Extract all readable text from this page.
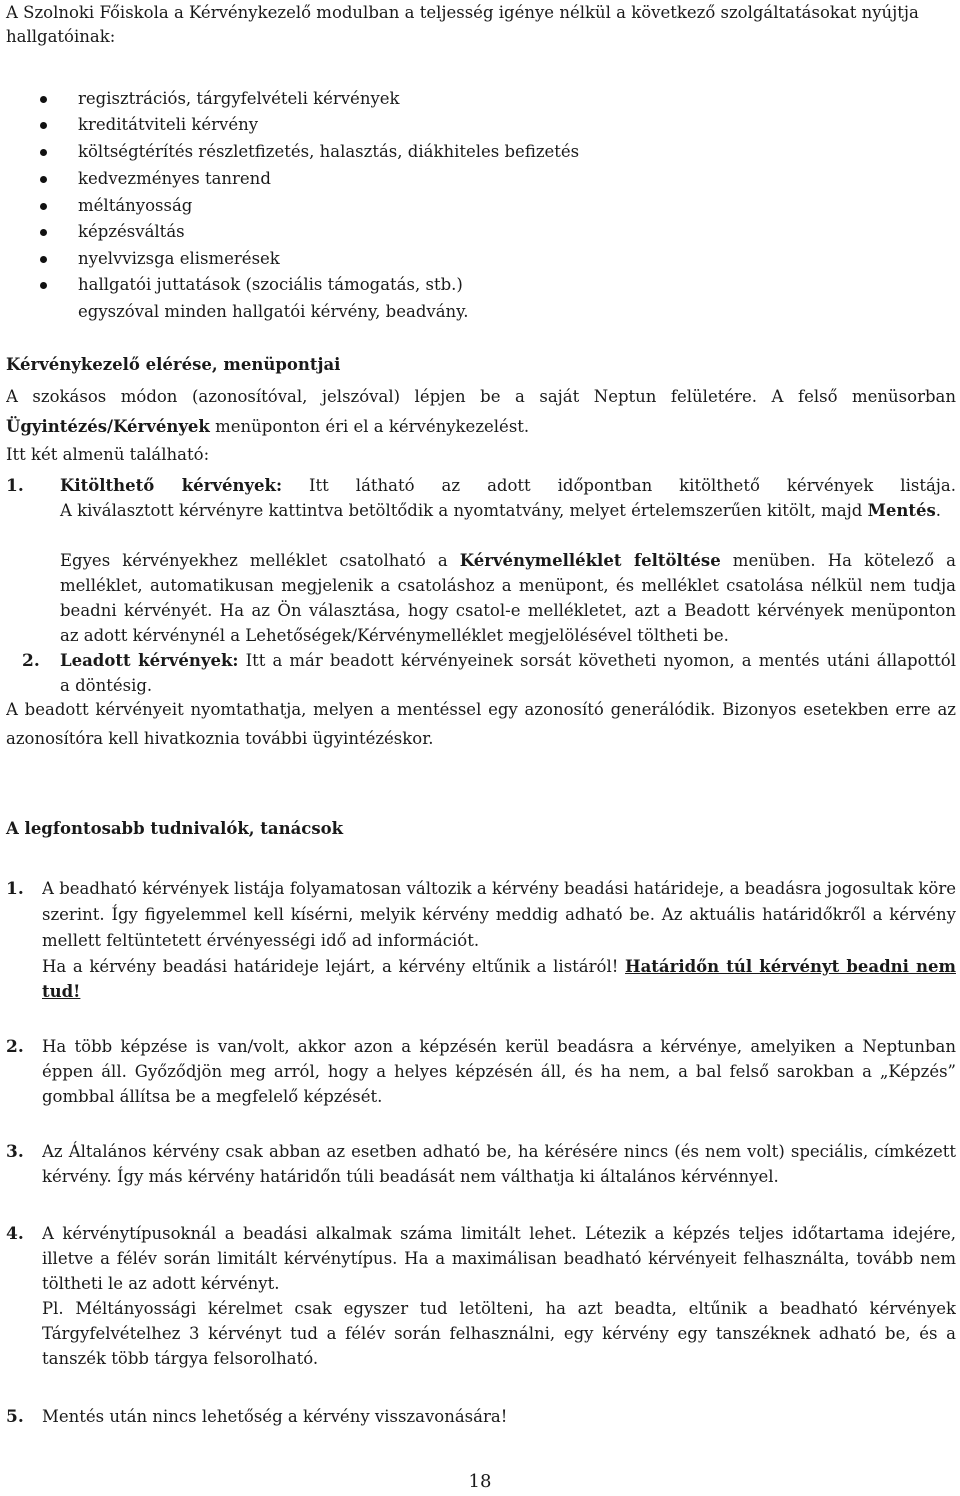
A Szolnoki Főiskola a Kérvénykezelő modulban a teljesség igénye nélkül a következő szolgáltatásokat nyújtja
hallgatóinak:
regisztrációs, tárgyfelvételi kérvények
kreditátviteli kérvény
költségtérítés részletfizetés, halasztás, diákhiteles befizetés
kedvezményes tanrend
méltányosság
képzésváltás
nyelvvizsga elismerések
hallgatói juttatások (szociális támogatás, stb.)
egyszóval minden hallgatói kérvény, beadvány.
Kérvénykezelő elérése, menüpontjai
A szokásos módon (azonosítóval, jelszóval) lépjen be a saját Neptun felületére. A felső menüsorban
Ügyintézés/Kérvények menüponton éri el a kérvénykezelést.
Itt két almenü található:
1. Kitölthető kérvények: Itt látható az adott időpontban kitölthető kérvények listája.
A kiválasztott kérvényre kattintva betöltődik a nyomtatvány, melyet értelemszerűen kitölt, majd Mentés.
Egyes kérvényekhez melléklet csatolható a Kérvénymelléklet feltöltése menüben. Ha kötelező a
melléklet, automatikusan megjelenik a csatoláshoz a menüpont, és melléklet csatolása nélkül nem tudja
beadni kérvényét. Ha az Ön választása, hogy csatol-e mellékletet, azt a Beadott kérvények menüponton
az adott kérvénynél a Lehetőségek/Kérvénymelléklet megjelölésével töltheti be.
2. Leadott kérvények: Itt a már beadott kérvényeinek sorsát követheti nyomon, a mentés utáni állapottól
a döntésig.
A beadott kérvényeit nyomtathatja, melyen a mentéssel egy azonosító generálódik. Bizonyos esetekben erre az
azonosítóra kell hivatkoznia további ügyintézéskor.
A legfontosabb tudnivalók, tanácsok
1. A beadható kérvények listája folyamatosan változik a kérvény beadási határideje, a beadásra jogosultak köre
szerint. Így figyelemmel kell kísérni, melyik kérvény meddig adható be. Az aktuális határidőkről a kérvény
mellett feltüntetett érvényességi idő ad információt.
Ha a kérvény beadási határideje lejárt, a kérvény eltűnik a listáról! Határidőn túl kérvényt beadni nem
tud!
2. Ha több képzése is van/volt, akkor azon a képzésén kerül beadásra a kérvénye, amelyiken a Neptunban
éppen áll. Győződjön meg arról, hogy a helyes képzésén áll, és ha nem, a bal felső sarokban a „Képzés”
gombbal állítsa be a megfelelő képzését.
3. Az Általános kérvény csak abban az esetben adható be, ha kérésére nincs (és nem volt) speciális, címkézett
kérvény. Így más kérvény határidőn túli beadását nem válthatja ki általános kérvénnyel.
4. A kérvénytípusoknál a beadási alkalmak száma limitált lehet. Létezik a képzés teljes időtartama idejére,
illetve a félév során limitált kérvénytípus. Ha a maximálisan beadható kérvényeit felhasználta, tovább nem
töltheti le az adott kérvényt.
Pl. Méltányossági kérelmet csak egyszer tud letölteni, ha azt beadta, eltűnik a beadható kérvények
Tárgyfelvételhez 3 kérvényt tud a félév során felhasználni, egy kérvény egy tanszéknek adható be, és a
tanszék több tárgya felsorolható.
5. Mentés után nincs lehetőség a kérvény visszavonására!
18
